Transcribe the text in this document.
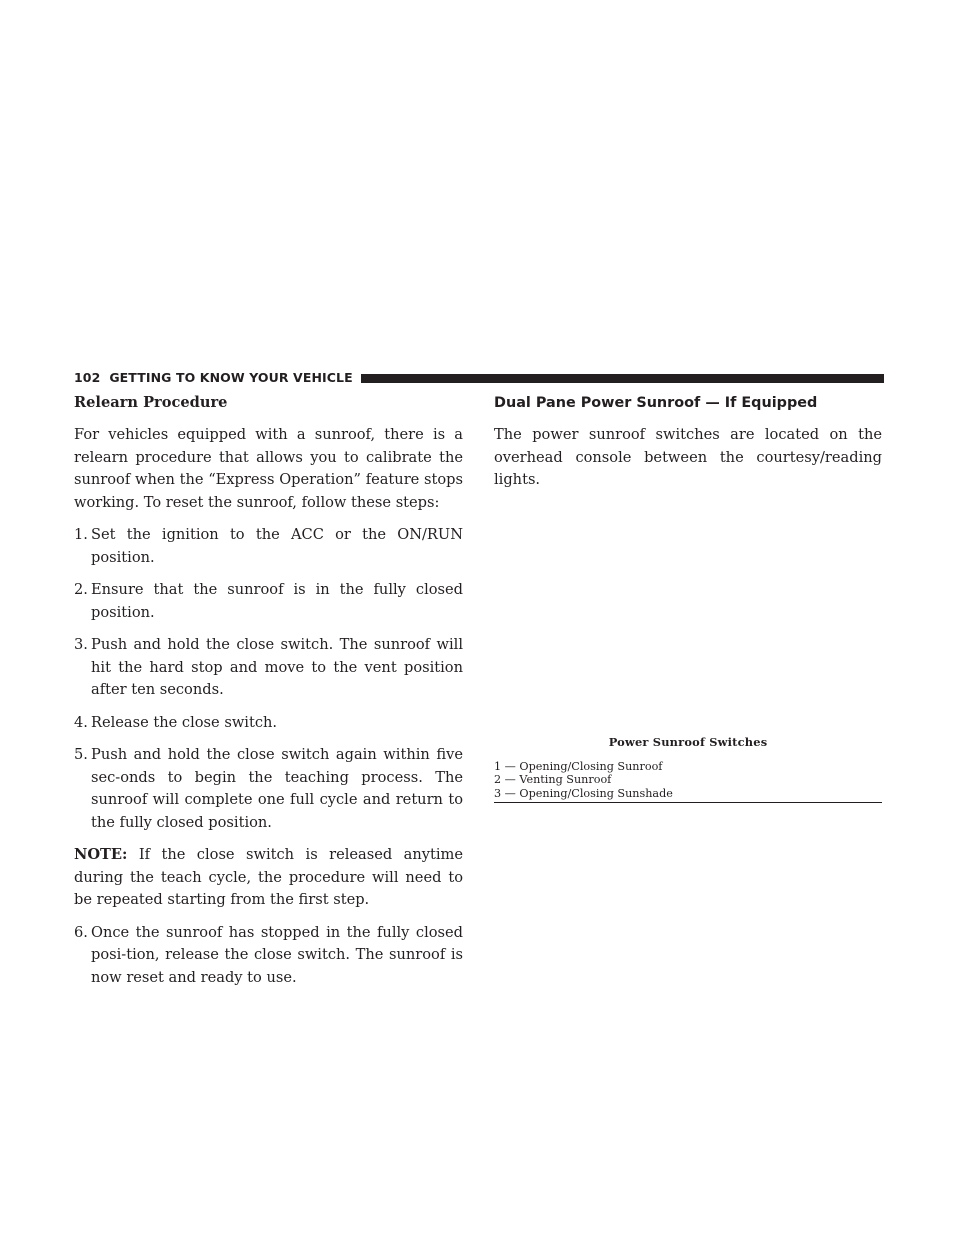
102 GETTING TO KNOW YOUR VEHICLE
Relearn Procedure

For vehicles equipped with a sunroof, there is a relearn procedure that allows you to calibrate the sunroof when the “Express Operation” feature stops working. To reset the sunroof, follow these steps:

1. Set the ignition to the ACC or the ON/RUN position.
2. Ensure that the sunroof is in the fully closed position.
3. Push and hold the close switch. The sunroof will hit the hard stop and move to the vent position after ten seconds.
4. Release the close switch.
5. Push and hold the close switch again within five sec-onds to begin the teaching process. The sunroof will complete one full cycle and return to the fully closed position.

NOTE: If the close switch is released anytime during the teach cycle, the procedure will need to be repeated starting from the first step.

6. Once the sunroof has stopped in the fully closed posi-tion, release the close switch. The sunroof is now reset and ready to use.
Dual Pane Power Sunroof — If Equipped

The power sunroof switches are located on the overhead console between the courtesy/reading lights.

Power Sunroof Switches
1 — Opening/Closing Sunroof
2 — Venting Sunroof
3 — Opening/Closing Sunshade
